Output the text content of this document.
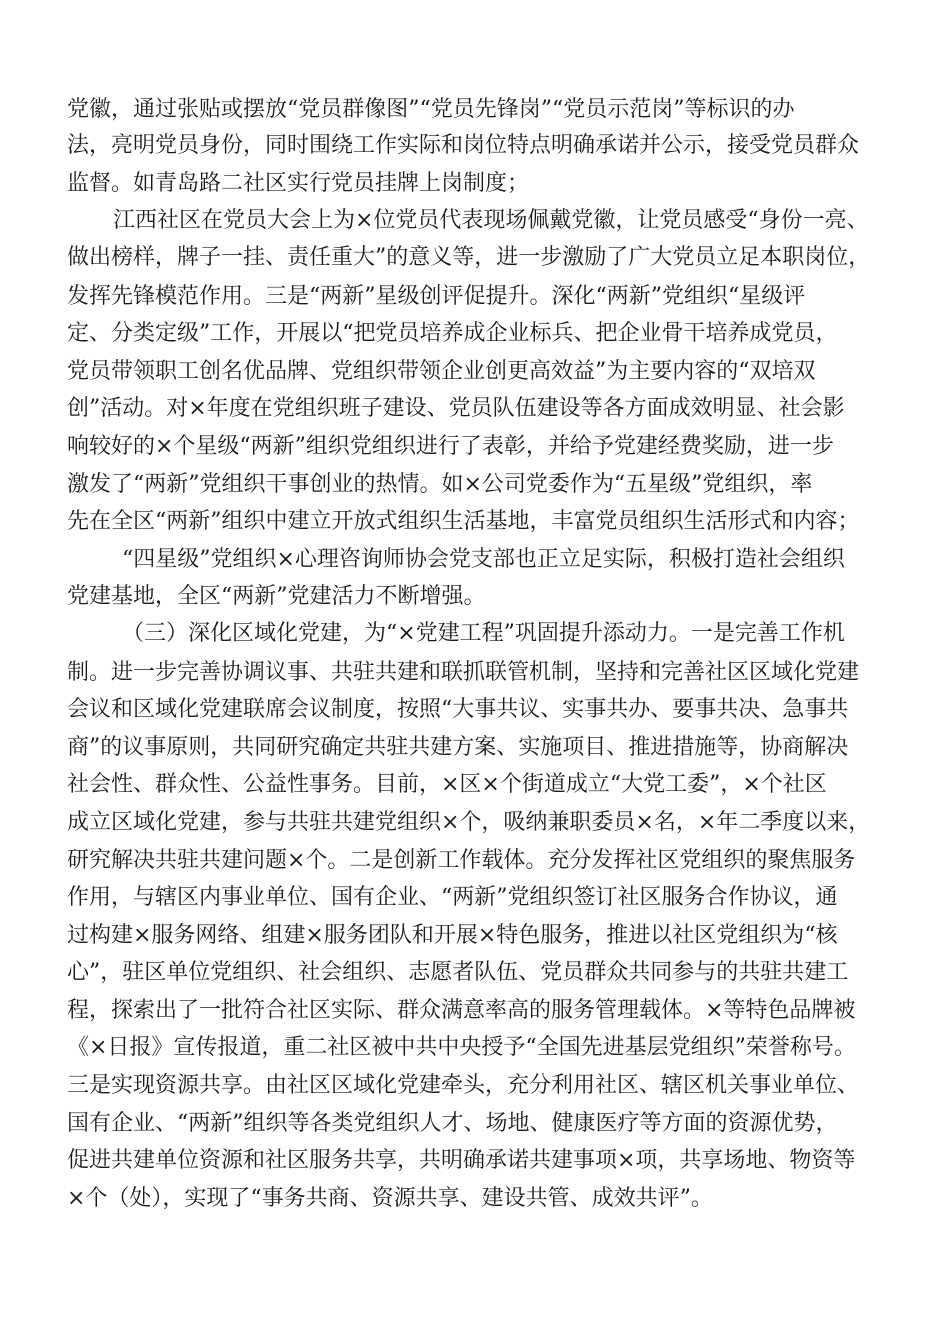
党徽，通过张贴或摆放“党员群像图”“党员先锋岗”“党员示范岗”等标识的办
法，亮明党员身份，同时围绕工作实际和岗位特点明确承诺并公示，接受党员群众
监督。如青岛路二社区实行党员挂牌上岗制度；
江西社区在党员大会上为×位党员代表现场佩戴党徽，让党员感受“身份一亮、
做出榜样，牌子一挂、责任重大”的意义等，进一步激励了广大党员立足本职岗位，
发挥先锋模范作用。三是“两新”星级创评促提升。深化“两新”党组织“星级评
定、分类定级”工作，开展以“把党员培养成企业标兵、把企业骨干培养成党员，
党员带领职工创名优品牌、党组织带领企业创更高效益”为主要内容的“双培双
创”活动。对×年度在党组织班子建设、党员队伍建设等各方面成效明显、社会影
响较好的×个星级“两新”组织党组织进行了表彰，并给予党建经费奖励，进一步
激发了“两新”党组织干事创业的热情。如×公司党委作为“五星级”党组织，率
先在全区“两新”组织中建立开放式组织生活基地，丰富党员组织生活形式和内容；
“四星级”党组织×心理咨询师协会党支部也正立足实际，积极打造社会组织
党建基地，全区“两新”党建活力不断增强。
（三）深化区域化党建，为“×党建工程”巩固提升添动力。一是完善工作机
制。进一步完善协调议事、共驻共建和联抓联管机制，坚持和完善社区区域化党建
会议和区域化党建联席会议制度，按照“大事共议、实事共办、要事共决、急事共
商”的议事原则，共同研究确定共驻共建方案、实施项目、推进措施等，协商解决
社会性、群众性、公益性事务。目前，×区×个街道成立“大党工委”，×个社区
成立区域化党建，参与共驻共建党组织×个，吸纳兼职委员×名，×年二季度以来，
研究解决共驻共建问题×个。二是创新工作载体。充分发挥社区党组织的聚焦服务
作用，与辖区内事业单位、国有企业、“两新”党组织签订社区服务合作协议，通
过构建×服务网络、组建×服务团队和开展×特色服务，推进以社区党组织为“核
心”，驻区单位党组织、社会组织、志愿者队伍、党员群众共同参与的共驻共建工
程，探索出了一批符合社区实际、群众满意率高的服务管理载体。×等特色品牌被
《×日报》宣传报道，重二社区被中共中央授予“全国先进基层党组织”荣誉称号。
三是实现资源共享。由社区区域化党建牵头，充分利用社区、辖区机关事业单位、
国有企业、“两新”组织等各类党组织人才、场地、健康医疗等方面的资源优势，
促进共建单位资源和社区服务共享，共明确承诺共建事项×项，共享场地、物资等
×个（处），实现了“事务共商、资源共享、建设共管、成效共评”。
